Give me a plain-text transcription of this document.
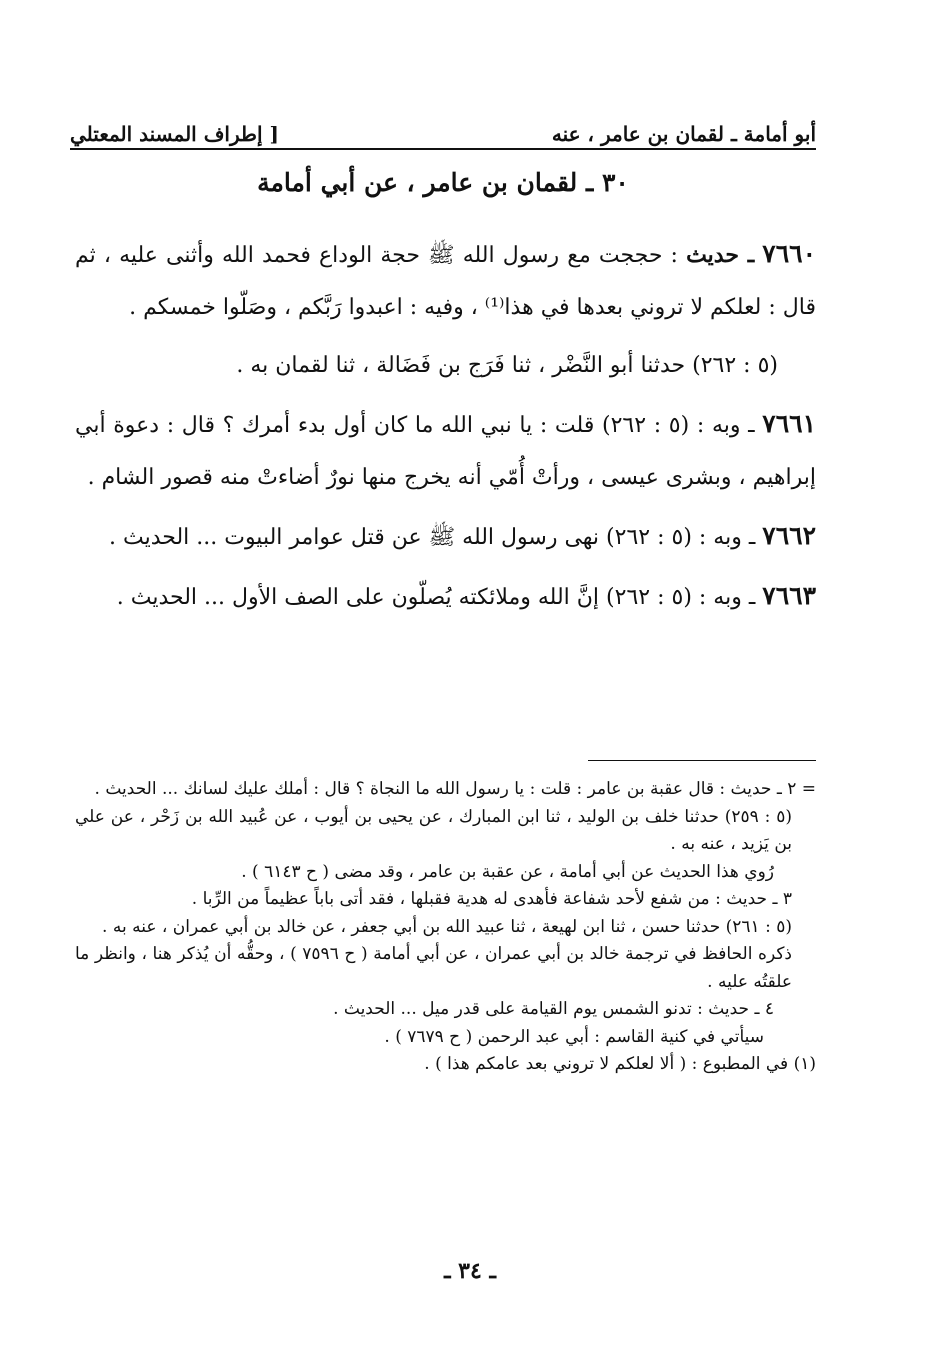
أبو أمامة ـ لقمان بن عامر ، عنه
[ إطراف المسند المعتلي
٣٠ ـ لقمان بن عامر ، عن أبي أمامة

٧٦٦٠ ـ حديث : حججت مع رسول الله ﷺ حجة الوداع فحمد الله وأثنى عليه ، ثم قال : لعلكم لا تروني بعدها في هذا⁽¹⁾ ، وفيه : اعبدوا رَبَّكم ، وصَلّوا خمسكم .

(٥ : ٢٦٢) حدثنا أبو النَّضْر ، ثنا فَرَج بن فَضَالة ، ثنا لقمان به .

٧٦٦١ ـ وبه : (٥ : ٢٦٢) قلت : يا نبي الله ما كان أول بدء أمرك ؟ قال : دعوة أبي إبراهيم ، وبشرى عيسى ، ورأتْ أُمّي أنه يخرج منها نورٌ أضاءتْ منه قصور الشام .

٧٦٦٢ ـ وبه : (٥ : ٢٦٢) نهى رسول الله ﷺ عن قتل عوامر البيوت ... الحديث .

٧٦٦٣ ـ وبه : (٥ : ٢٦٢) إنَّ الله وملائكته يُصلّون على الصف الأول ... الحديث .

= ٢ ـ حديث : قال عقبة بن عامر : قلت : يا رسول الله ما النجاة ؟ قال : أملك عليك لسانك ... الحديث .

(٥ : ٢٥٩) حدثنا خلف بن الوليد ، ثنا ابن المبارك ، عن يحيى بن أيوب ، عن عُبيد الله بن زَحْر ، عن علي بن يَزيد ، عنه به .

رُوي هذا الحديث عن أبي أمامة ، عن عقبة بن عامر ، وقد مضى ( ح ٦١٤٣ ) .

٣ ـ حديث : من شفع لأحد شفاعة فأهدى له هدية فقبلها ، فقد أتى باباً عظيماً من الرِّبا .

(٥ : ٢٦١) حدثنا حسن ، ثنا ابن لهيعة ، ثنا عبيد الله بن أبي جعفر ، عن خالد بن أبي عمران ، عنه به .

ذكره الحافظ في ترجمة خالد بن أبي عمران ، عن أبي أمامة ( ح ٧٥٩٦ ) ، وحقُّه أن يُذكر هنا ، وانظر ما علقتُه عليه .

٤ ـ حديث : تدنو الشمس يوم القيامة على قدر ميل ... الحديث .

سيأتي في كنية القاسم : أبي عبد الرحمن ( ح ٧٦٧٩ ) .

(١) في المطبوع : ( ألا لعلكم لا تروني بعد عامكم هذا ) .

ـ ٣٤ ـ
